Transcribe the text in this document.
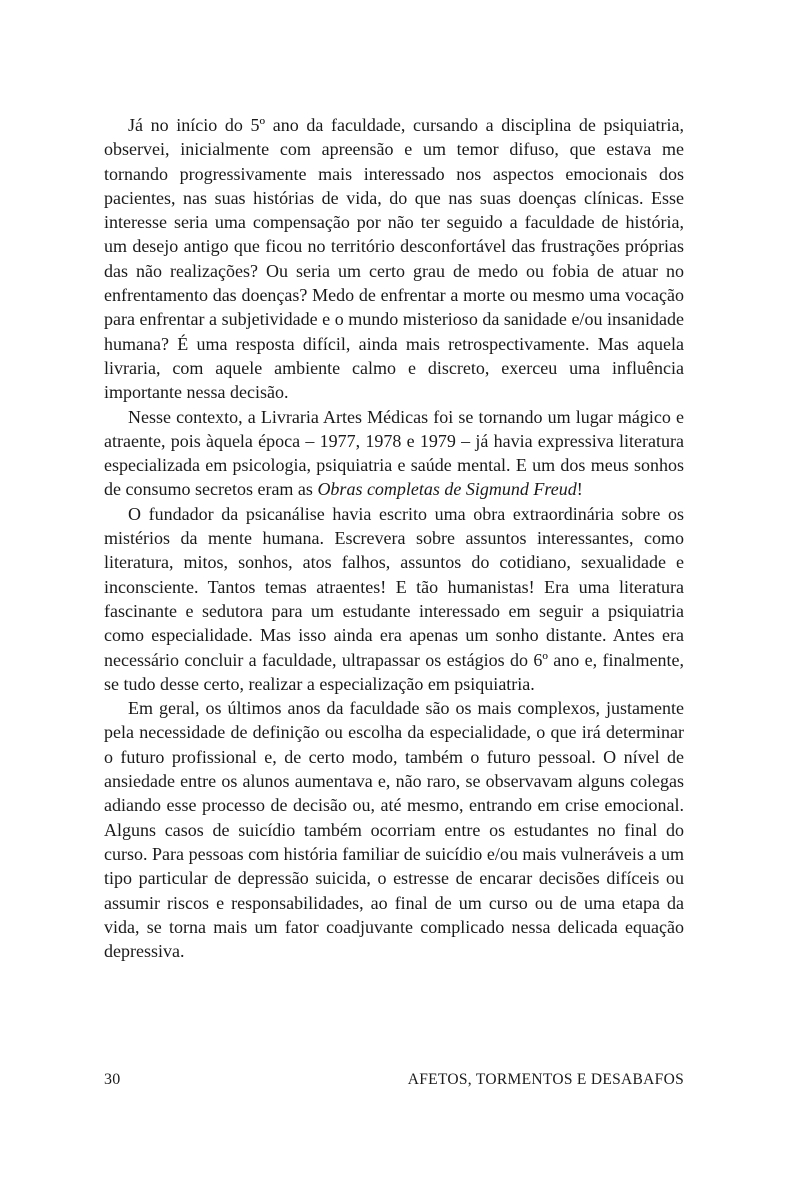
Já no início do 5º ano da faculdade, cursando a disciplina de psiquiatria, observei, inicialmente com apreensão e um temor difuso, que estava me tornando progressivamente mais interessado nos aspectos emocionais dos pacientes, nas suas histórias de vida, do que nas suas doenças clínicas. Esse interesse seria uma compensação por não ter seguido a faculdade de história, um desejo antigo que ficou no território desconfortável das frustrações próprias das não realizações? Ou seria um certo grau de medo ou fobia de atuar no enfrentamento das doenças? Medo de enfrentar a morte ou mesmo uma vocação para enfrentar a subjetividade e o mundo misterioso da sanidade e/ou insanidade humana? É uma resposta difícil, ainda mais retrospectivamente. Mas aquela livraria, com aquele ambiente calmo e discreto, exerceu uma influência importante nessa decisão.

Nesse contexto, a Livraria Artes Médicas foi se tornando um lugar mágico e atraente, pois àquela época – 1977, 1978 e 1979 – já havia expressiva literatura especializada em psicologia, psiquiatria e saúde mental. E um dos meus sonhos de consumo secretos eram as Obras completas de Sigmund Freud!

O fundador da psicanálise havia escrito uma obra extraordinária sobre os mistérios da mente humana. Escrevera sobre assuntos interessantes, como literatura, mitos, sonhos, atos falhos, assuntos do cotidiano, sexualidade e inconsciente. Tantos temas atraentes! E tão humanistas! Era uma literatura fascinante e sedutora para um estudante interessado em seguir a psiquiatria como especialidade. Mas isso ainda era apenas um sonho distante. Antes era necessário concluir a faculdade, ultrapassar os estágios do 6º ano e, finalmente, se tudo desse certo, realizar a especialização em psiquiatria.

Em geral, os últimos anos da faculdade são os mais complexos, justamente pela necessidade de definição ou escolha da especialidade, o que irá determinar o futuro profissional e, de certo modo, também o futuro pessoal. O nível de ansiedade entre os alunos aumentava e, não raro, se observavam alguns colegas adiando esse processo de decisão ou, até mesmo, entrando em crise emocional. Alguns casos de suicídio também ocorriam entre os estudantes no final do curso. Para pessoas com história familiar de suicídio e/ou mais vulneráveis a um tipo particular de depressão suicida, o estresse de encarar decisões difíceis ou assumir riscos e responsabilidades, ao final de um curso ou de uma etapa da vida, se torna mais um fator coadjuvante complicado nessa delicada equação depressiva.

30	AFETOS, TORMENTOS E DESABAFOS
